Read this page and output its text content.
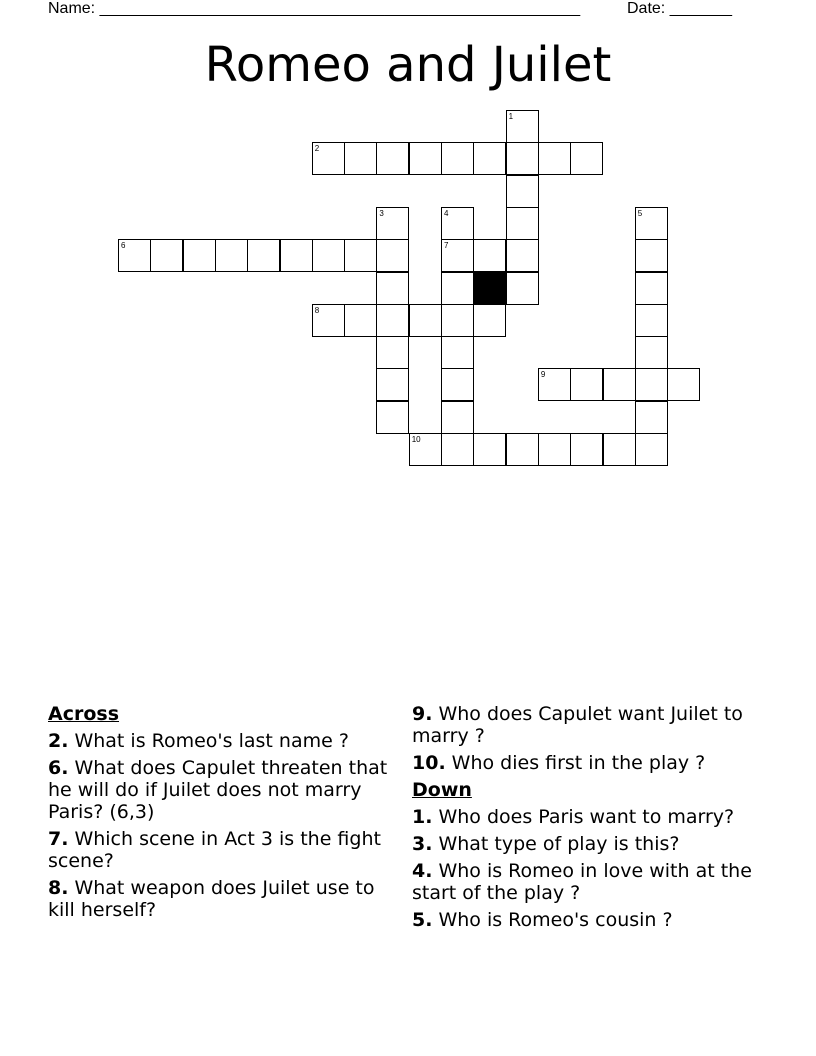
Name: ______________________________________________________	Date: _______
Romeo and Juilet
1
2
3	4
7
5
6
8
9
10
Across
2. What is Romeo's last name ?
6. What does Capulet threaten that he will do if Juilet does not marry Paris? (6,3)
7. Which scene in Act 3 is the fight scene?
8. What weapon does Juilet use to kill herself?
9. Who does Capulet want Juilet to marry ?
10. Who dies first in the play ?
Down
1. Who does Paris want to marry?
3. What type of play is this?
4. Who is Romeo in love with at the start of the play ?
5. Who is Romeo's cousin ?
